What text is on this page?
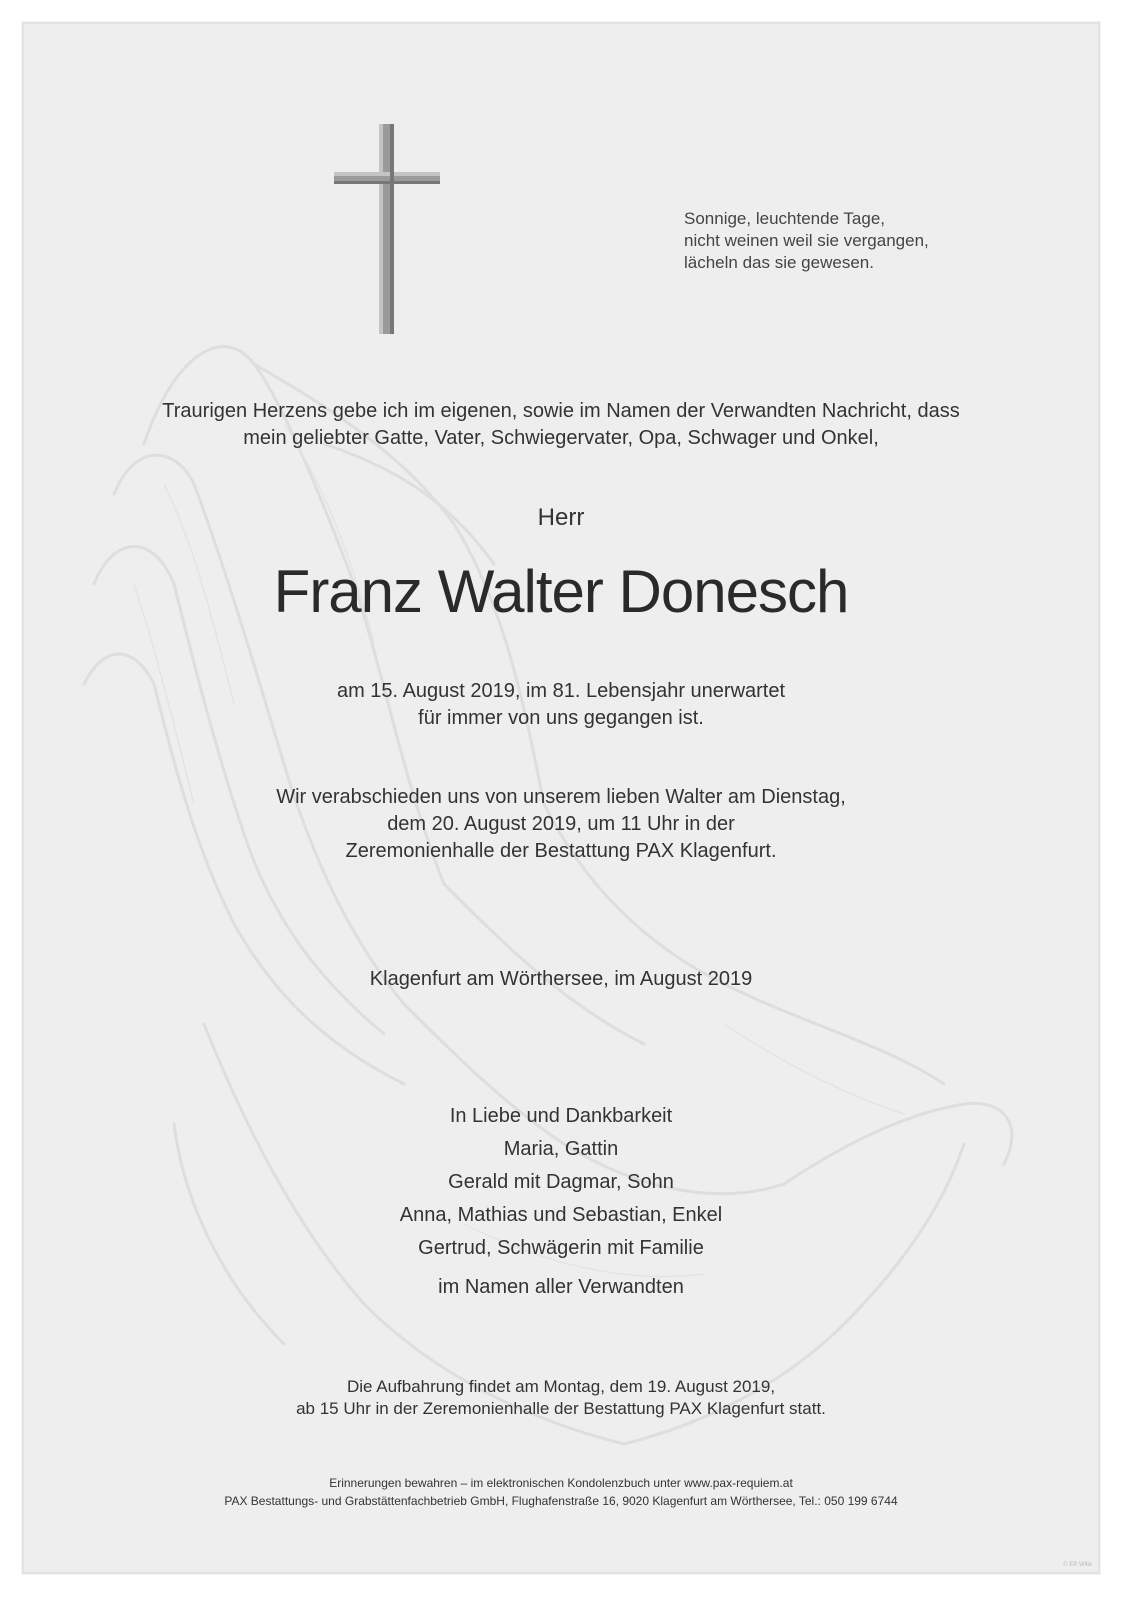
Sonnige, leuchtende Tage,
nicht weinen weil sie vergangen,
lächeln das sie gewesen.
Traurigen Herzens gebe ich im eigenen, sowie im Namen der Verwandten Nachricht, dass
mein geliebter Gatte, Vater, Schwiegervater, Opa, Schwager und Onkel,
Herr
Franz Walter Donesch
am 15. August 2019, im 81. Lebensjahr unerwartet
für immer von uns gegangen ist.
Wir verabschieden uns von unserem lieben Walter am Dienstag,
dem 20. August 2019, um 11 Uhr in der
Zeremonienhalle der Bestattung PAX Klagenfurt.
Klagenfurt am Wörthersee, im August 2019
In Liebe und Dankbarkeit
Maria, Gattin
Gerald mit Dagmar, Sohn
Anna, Mathias und Sebastian, Enkel
Gertrud, Schwägerin mit Familie
im Namen aller Verwandten
Die Aufbahrung findet am Montag, dem 19. August 2019,
ab 15 Uhr in der Zeremonienhalle der Bestattung PAX Klagenfurt statt.
Erinnerungen bewahren – im elektronischen Kondolenzbuch unter www.pax-requiem.at
PAX Bestattungs- und Grabstättenfachbetrieb GmbH, Flughafenstraße 16, 9020 Klagenfurt am Wörthersee, Tel.: 050 199 6744
© EP Wille
